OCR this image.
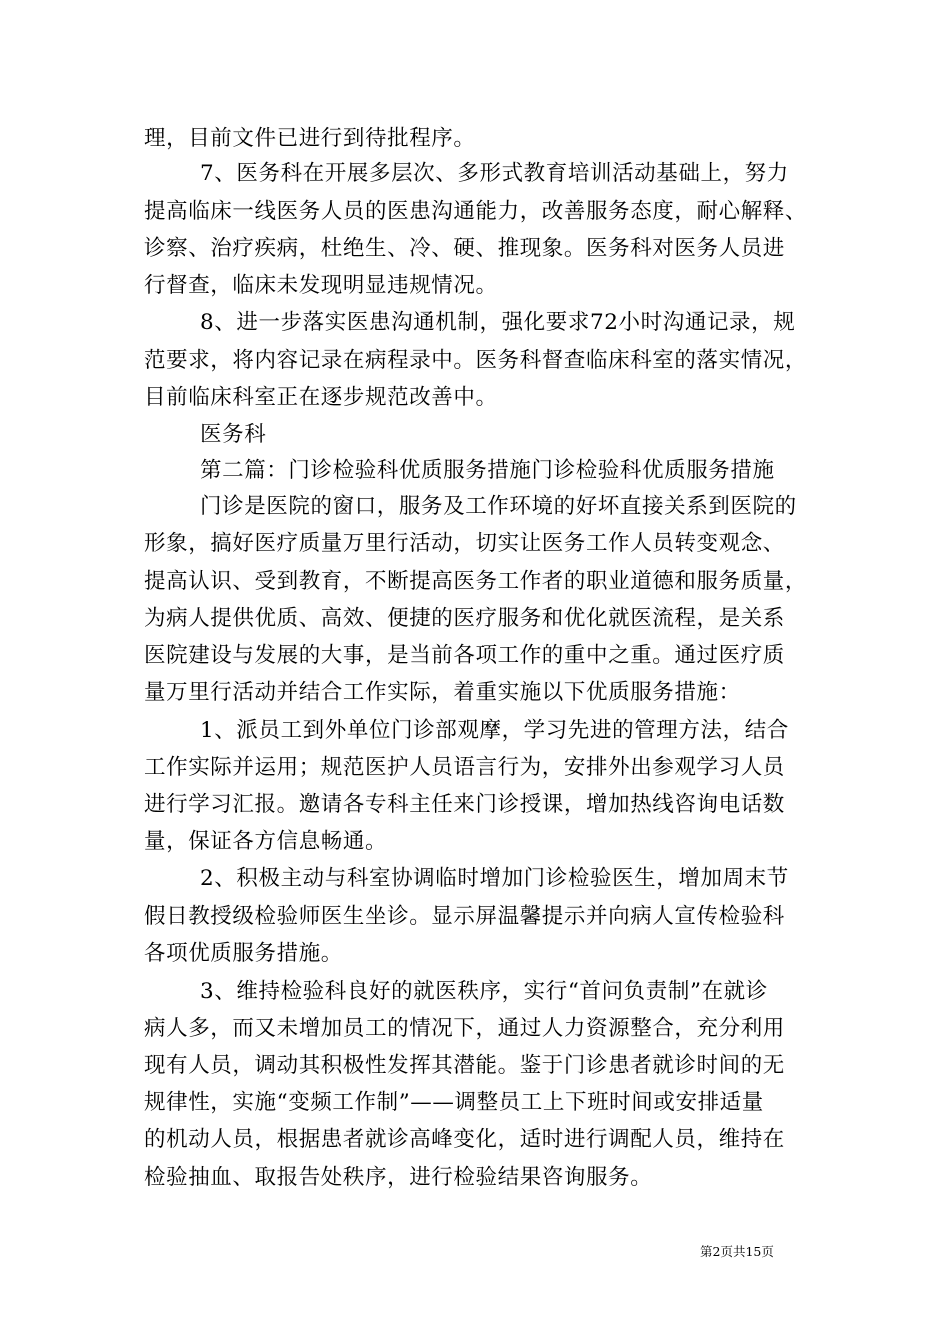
理，目前文件已进行到待批程序。
7、医务科在开展多层次、多形式教育培训活动基础上，努力
提高临床一线医务人员的医患沟通能力，改善服务态度，耐心解释、
诊察、治疗疾病，杜绝生、冷、硬、推现象。医务科对医务人员进
行督查，临床未发现明显违规情况。
8、进一步落实医患沟通机制，强化要求72小时沟通记录，规
范要求，将内容记录在病程录中。医务科督查临床科室的落实情况，
目前临床科室正在逐步规范改善中。
医务科
第二篇：门诊检验科优质服务措施门诊检验科优质服务措施
门诊是医院的窗口，服务及工作环境的好坏直接关系到医院的
形象，搞好医疗质量万里行活动，切实让医务工作人员转变观念、
提高认识、受到教育，不断提高医务工作者的职业道德和服务质量，
为病人提供优质、高效、便捷的医疗服务和优化就医流程，是关系
医院建设与发展的大事，是当前各项工作的重中之重。通过医疗质
量万里行活动并结合工作实际，着重实施以下优质服务措施：
1、派员工到外单位门诊部观摩，学习先进的管理方法，结合
工作实际并运用；规范医护人员语言行为，安排外出参观学习人员
进行学习汇报。邀请各专科主任来门诊授课，增加热线咨询电话数
量，保证各方信息畅通。
2、积极主动与科室协调临时增加门诊检验医生，增加周末节
假日教授级检验师医生坐诊。显示屏温馨提示并向病人宣传检验科
各项优质服务措施。
3、维持检验科良好的就医秩序，实行“首问负责制”在就诊
病人多，而又未增加员工的情况下，通过人力资源整合，充分利用
现有人员，调动其积极性发挥其潜能。鉴于门诊患者就诊时间的无
规律性，实施“变频工作制”——调整员工上下班时间或安排适量
的机动人员，根据患者就诊高峰变化，适时进行调配人员，维持在
检验抽血、取报告处秩序，进行检验结果咨询服务。
第2页共15页
